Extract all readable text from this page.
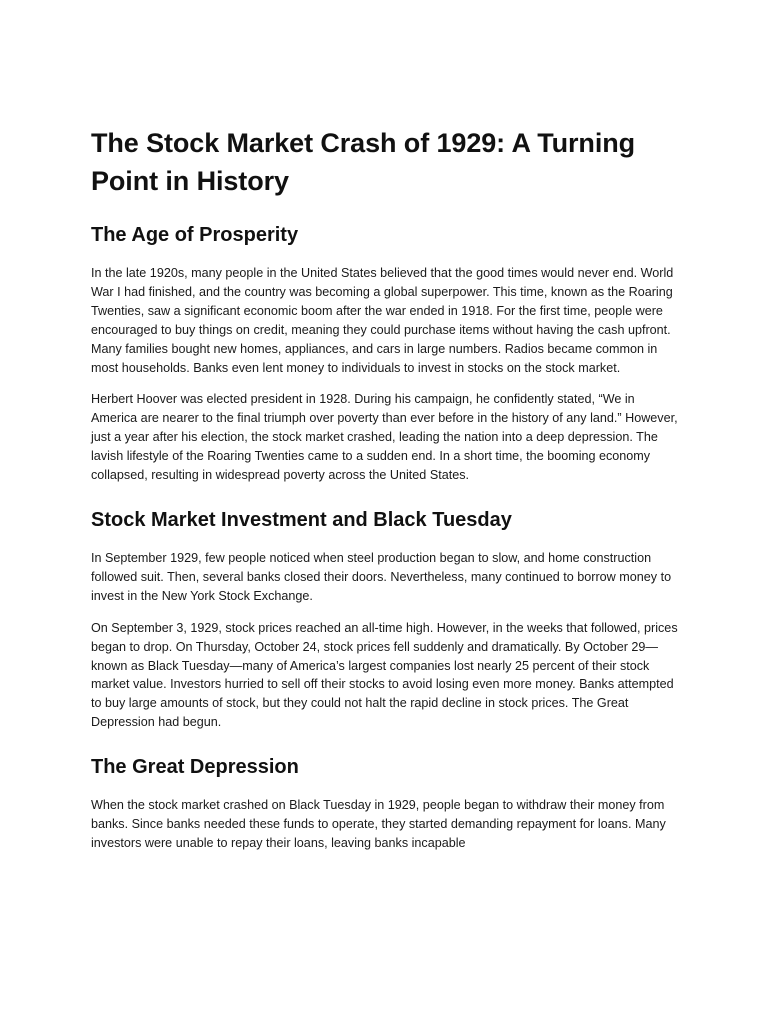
The Stock Market Crash of 1929: A Turning Point in History
The Age of Prosperity

In the late 1920s, many people in the United States believed that the good times would never end. World War I had finished, and the country was becoming a global superpower. This time, known as the Roaring Twenties, saw a significant economic boom after the war ended in 1918. For the first time, people were encouraged to buy things on credit, meaning they could purchase items without having the cash upfront. Many families bought new homes, appliances, and cars in large numbers. Radios became common in most households. Banks even lent money to individuals to invest in stocks on the stock market.

Herbert Hoover was elected president in 1928. During his campaign, he confidently stated, “We in America are nearer to the final triumph over poverty than ever before in the history of any land.” However, just a year after his election, the stock market crashed, leading the nation into a deep depression. The lavish lifestyle of the Roaring Twenties came to a sudden end. In a short time, the booming economy collapsed, resulting in widespread poverty across the United States.

Stock Market Investment and Black Tuesday

In September 1929, few people noticed when steel production began to slow, and home construction followed suit. Then, several banks closed their doors. Nevertheless, many continued to borrow money to invest in the New York Stock Exchange.

On September 3, 1929, stock prices reached an all-time high. However, in the weeks that followed, prices began to drop. On Thursday, October 24, stock prices fell suddenly and dramatically. By October 29—known as Black Tuesday—many of America’s largest companies lost nearly 25 percent of their stock market value. Investors hurried to sell off their stocks to avoid losing even more money. Banks attempted to buy large amounts of stock, but they could not halt the rapid decline in stock prices. The Great Depression had begun.

The Great Depression

When the stock market crashed on Black Tuesday in 1929, people began to withdraw their money from banks. Since banks needed these funds to operate, they started demanding repayment for loans. Many investors were unable to repay their loans, leaving banks incapable
